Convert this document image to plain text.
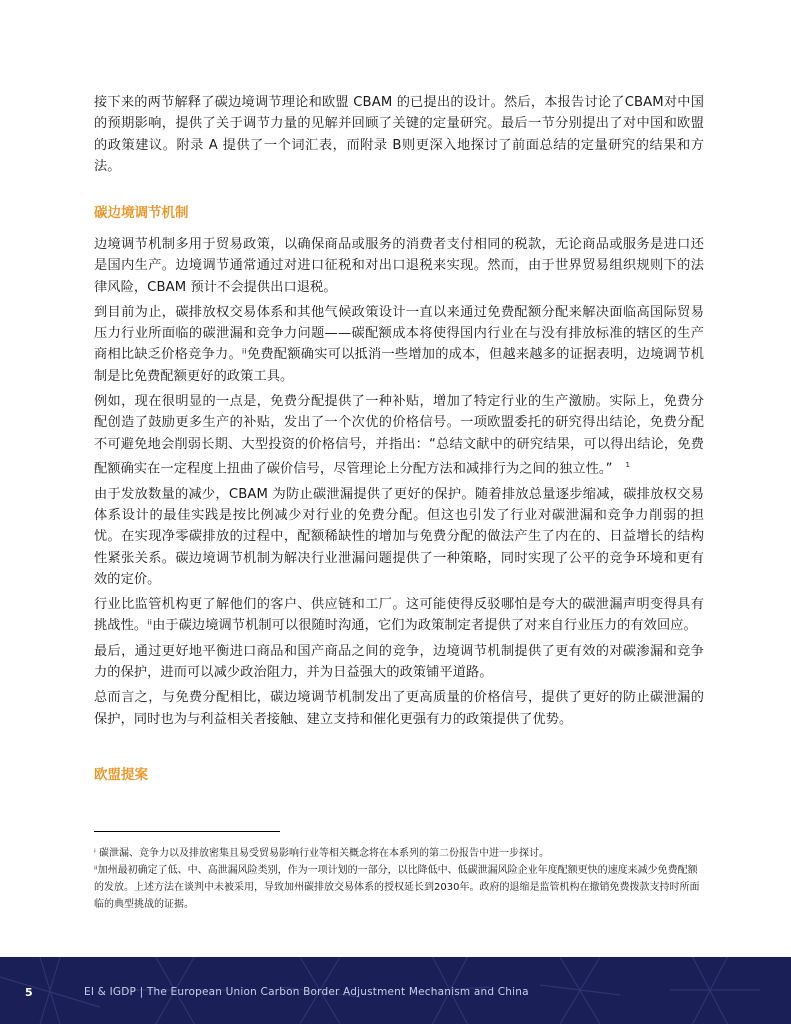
接下来的两节解释了碳边境调节理论和欧盟 CBAM 的已提出的设计。然后，本报告讨论了CBAM对中国的预期影响，提供了关于调节力量的见解并回顾了关键的定量研究。最后一节分别提出了对中国和欧盟的政策建议。附录 A 提供了一个词汇表，而附录 B则更深入地探讨了前面总结的定量研究的结果和方法。

碳边境调节机制

边境调节机制多用于贸易政策，以确保商品或服务的消费者支付相同的税款，无论商品或服务是进口还是国内生产。边境调节通常通过对进口征税和对出口退税来实现。然而，由于世界贸易组织规则下的法律风险，CBAM 预计不会提供出口退税。

到目前为止，碳排放权交易体系和其他气候政策设计一直以来通过免费配额分配来解决面临高国际贸易压力行业所面临的碳泄漏和竞争力问题——碳配额成本将使得国内行业在与没有排放标准的辖区的生产商相比缺乏价格竞争力。ⁱⁱ免费配额确实可以抵消一些增加的成本，但越来越多的证据表明，边境调节机制是比免费配额更好的政策工具。

例如，现在很明显的一点是，免费分配提供了一种补贴，增加了特定行业的生产激励。实际上，免费分配创造了鼓励更多生产的补贴，发出了一个次优的价格信号。一项欧盟委托的研究得出结论，免费分配不可避免地会削弱长期、大型投资的价格信号，并指出：“总结文献中的研究结果，可以得出结论，免费配额确实在一定程度上扭曲了碳价信号，尽管理论上分配方法和减排行为之间的独立性。” $^1$

由于发放数量的减少，CBAM 为防止碳泄漏提供了更好的保护。随着排放总量逐步缩减，碳排放权交易体系设计的最佳实践是按比例减少对行业的免费分配。但这也引发了行业对碳泄漏和竞争力削弱的担忧。在实现净零碳排放的过程中，配额稀缺性的增加与免费分配的做法产生了内在的、日益增长的结构性紧张关系。碳边境调节机制为解决行业泄漏问题提供了一种策略，同时实现了公平的竞争环境和更有效的定价。

行业比监管机构更了解他们的客户、供应链和工厂。这可能使得反驳哪怕是夸大的碳泄漏声明变得具有挑战性。ⁱⁱ由于碳边境调节机制可以很随时沟通，它们为政策制定者提供了对来自行业压力的有效回应。

最后，通过更好地平衡进口商品和国产商品之间的竞争，边境调节机制提供了更有效的对碳渗漏和竞争力的保护，进而可以减少政治阻力，并为日益强大的政策铺平道路。

总而言之，与免费分配相比，碳边境调节机制发出了更高质量的价格信号，提供了更好的防止碳泄漏的保护，同时也为与利益相关者接触、建立支持和催化更强有力的政策提供了优势。

欧盟提案

ⁱ 碳泄漏、竞争力以及排放密集且易受贸易影响行业等相关概念将在本系列的第二份报告中进一步探讨。

ⁱⁱ加州最初确定了低、中、高泄漏风险类别，作为一项计划的一部分，以比降低中、低碳泄漏风险企业年度配额更快的速度来减少免费配额的发放。上述方法在谈判中未被采用，导致加州碳排放交易体系的授权延长到2030年。政府的退缩是监管机构在撤销免费拨款支持时所面临的典型挑战的证据。

5	EI & IGDP | The European Union Carbon Border Adjustment Mechanism and China
